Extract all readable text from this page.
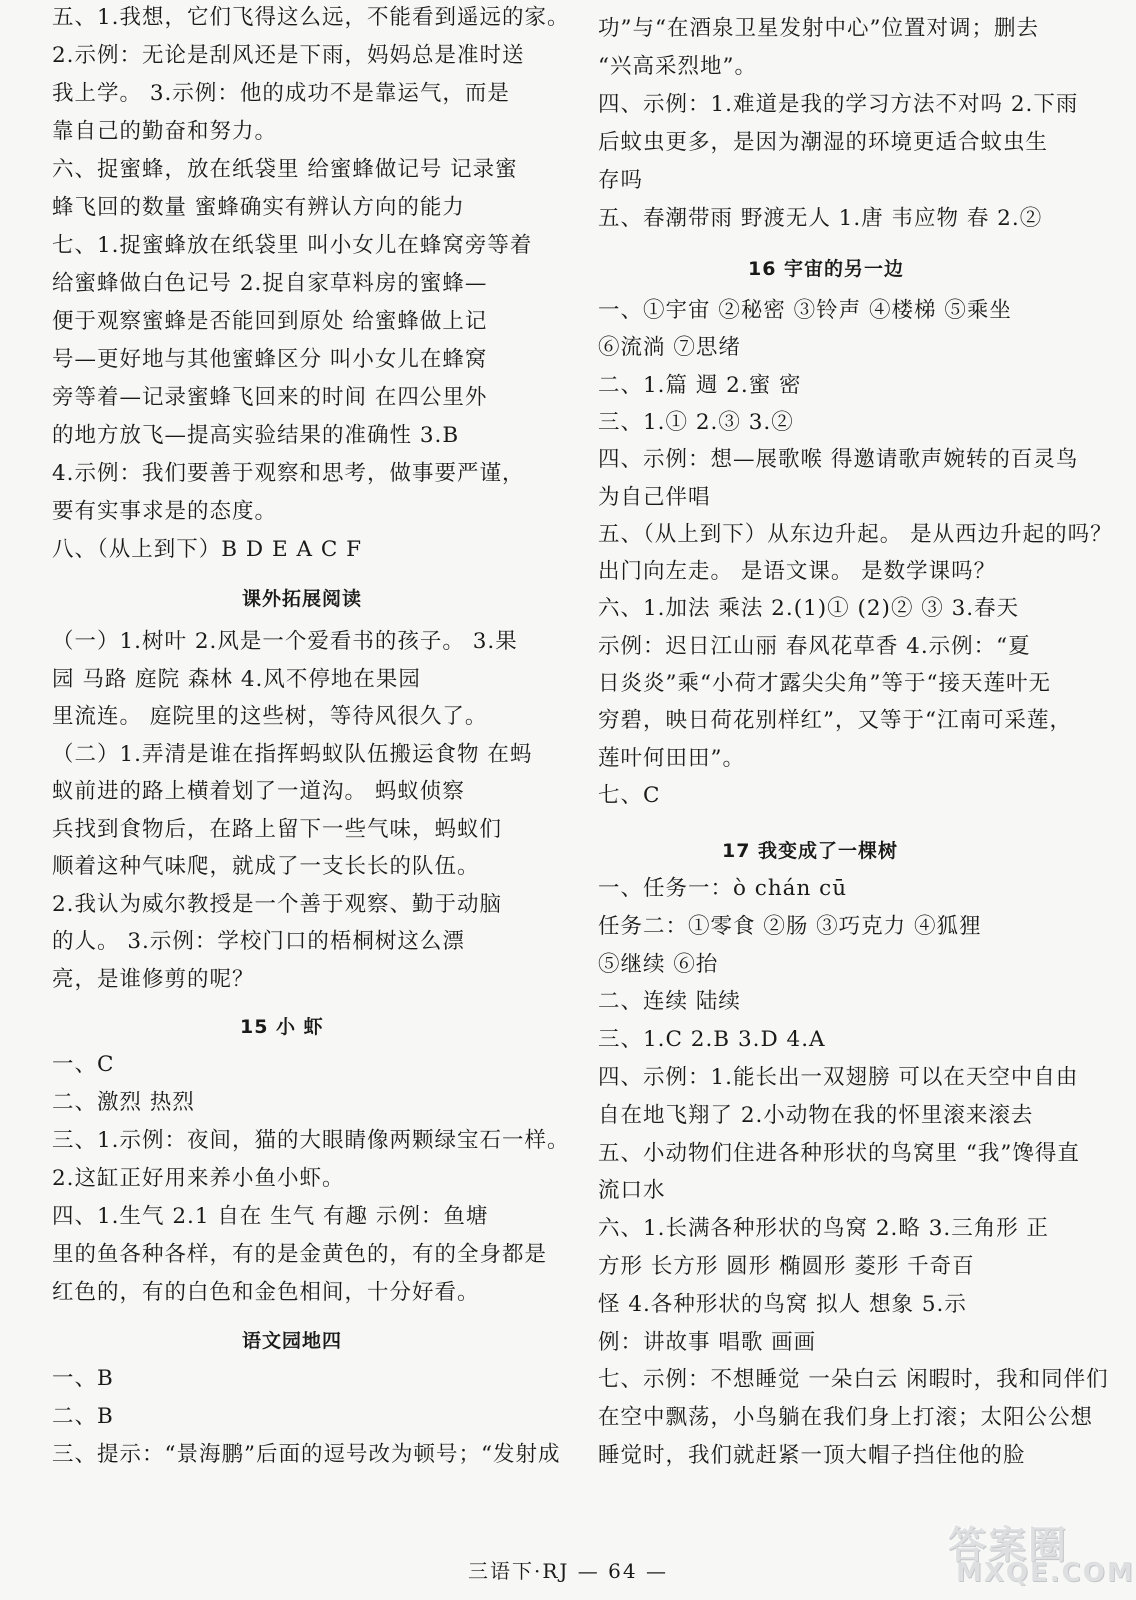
五、1.我想，它们飞得这么远，不能看到遥远的家。
2.示例：无论是刮风还是下雨，妈妈总是准时送
我上学。 3.示例：他的成功不是靠运气，而是
靠自己的勤奋和努力。
六、捉蜜蜂，放在纸袋里 给蜜蜂做记号 记录蜜
蜂飞回的数量 蜜蜂确实有辨认方向的能力
七、1.捉蜜蜂放在纸袋里 叫小女儿在蜂窝旁等着
给蜜蜂做白色记号 2.捉自家草料房的蜜蜂—
便于观察蜜蜂是否能回到原处 给蜜蜂做上记
号—更好地与其他蜜蜂区分 叫小女儿在蜂窝
旁等着—记录蜜蜂飞回来的时间 在四公里外
的地方放飞—提高实验结果的准确性 3.B
4.示例：我们要善于观察和思考，做事要严谨，
要有实事求是的态度。
八、（从上到下）B D E A C F
课外拓展阅读
（一）1.树叶 2.风是一个爱看书的孩子。 3.果
园 马路 庭院 森林 4.风不停地在果园
里流连。 庭院里的这些树，等待风很久了。
（二）1.弄清是谁在指挥蚂蚁队伍搬运食物 在蚂
蚁前进的路上横着划了一道沟。 蚂蚁侦察
兵找到食物后，在路上留下一些气味，蚂蚁们
顺着这种气味爬，就成了一支长长的队伍。
2.我认为威尔教授是一个善于观察、勤于动脑
的人。 3.示例：学校门口的梧桐树这么漂
亮，是谁修剪的呢？
15 小 虾
一、C
二、激烈 热烈
三、1.示例：夜间，猫的大眼睛像两颗绿宝石一样。
2.这缸正好用来养小鱼小虾。
四、1.生气 2.1 自在 生气 有趣 示例：鱼塘
里的鱼各种各样，有的是金黄色的，有的全身都是
红色的，有的白色和金色相间，十分好看。
语文园地四
一、B
二、B
三、提示：“景海鹏”后面的逗号改为顿号；“发射成
功”与“在酒泉卫星发射中心”位置对调；删去
“兴高采烈地”。
四、示例：1.难道是我的学习方法不对吗 2.下雨
后蚊虫更多，是因为潮湿的环境更适合蚊虫生
存吗
五、春潮带雨 野渡无人 1.唐 韦应物 春 2.②
16 宇宙的另一边
一、①宇宙 ②秘密 ③铃声 ④楼梯 ⑤乘坐
⑥流淌 ⑦思绪
二、1.篇 週 2.蜜 密
三、1.① 2.③ 3.②
四、示例：想—展歌喉 得邀请歌声婉转的百灵鸟
为自己伴唱
五、（从上到下）从东边升起。 是从西边升起的吗？
出门向左走。 是语文课。 是数学课吗？
六、1.加法 乘法 2.(1)① (2)② ③ 3.春天
示例：迟日江山丽 春风花草香 4.示例：“夏
日炎炎”乘“小荷才露尖尖角”等于“接天莲叶无
穷碧，映日荷花别样红”，又等于“江南可采莲，
莲叶何田田”。
七、C
17 我变成了一棵树
一、任务一：ò chán cū
任务二：①零食 ②肠 ③巧克力 ④狐狸
⑤继续 ⑥抬
二、连续 陆续
三、1.C 2.B 3.D 4.A
四、示例：1.能长出一双翅膀 可以在天空中自由
自在地飞翔了 2.小动物在我的怀里滚来滚去
五、小动物们住进各种形状的鸟窝里 “我”馋得直
流口水
六、1.长满各种形状的鸟窝 2.略 3.三角形 正
方形 长方形 圆形 椭圆形 菱形 千奇百
怪 4.各种形状的鸟窝 拟人 想象 5.示
例：讲故事 唱歌 画画
七、示例：不想睡觉 一朵白云 闲暇时，我和同伴们
在空中飘荡，小鸟躺在我们身上打滚；太阳公公想
睡觉时，我们就赶紧一顶大帽子挡住他的脸
三语下·RJ — 64 —
答案圈
MXQE.COM
